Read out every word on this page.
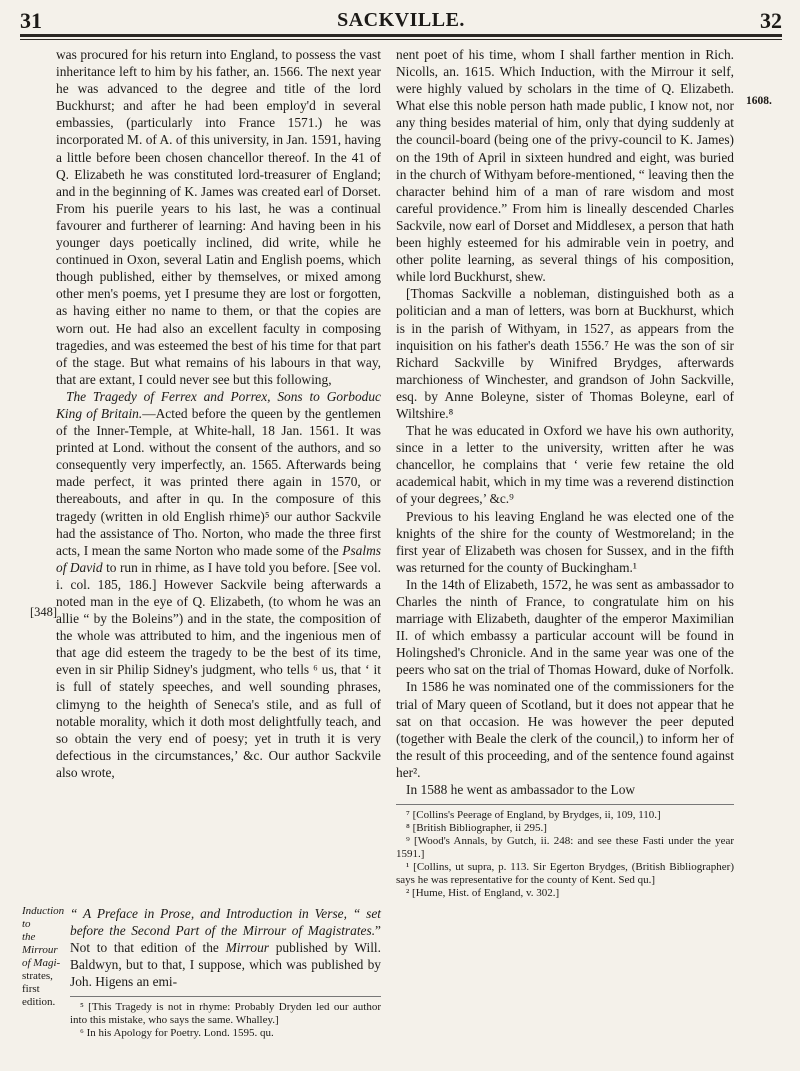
31	SACKVILLE.	32
[348]
1608.

was procured for his return into England, to possess the vast inheritance left to him by his father, an. 1566. The next year he was advanced to the degree and title of the lord Buckhurst; and after he had been employ'd in several embassies, (particularly into France 1571.) he was incorporated M. of A. of this university, in Jan. 1591, having a little before been chosen chancellor thereof. In the 41 of Q. Elizabeth he was constituted lord-treasurer of England; and in the beginning of K. James was created earl of Dorset. From his puerile years to his last, he was a continual favourer and furtherer of learning: And having been in his younger days poetically inclined, did write, while he continued in Oxon, several Latin and English poems, which though published, either by themselves, or mixed among other men's poems, yet I presume they are lost or forgotten, as having either no name to them, or that the copies are worn out. He had also an excellent faculty in composing tragedies, and was esteemed the best of his time for that part of the stage. But what remains of his labours in that way, that are extant, I could never see but this following,

The Tragedy of Ferrex and Porrex, Sons to Gorboduc King of Britain.—Acted before the queen by the gentlemen of the Inner-Temple, at White-hall, 18 Jan. 1561. It was printed at Lond. without the consent of the authors, and so consequently very imperfectly, an. 1565. Afterwards being made perfect, it was printed there again in 1570, or thereabouts, and after in qu. In the composure of this tragedy (written in old English rhime)⁵ our author Sackvile had the assistance of Tho. Norton, who made the three first acts, I mean the same Norton who made some of the Psalms of David to run in rhime, as I have told you before. [See vol. i. col. 185, 186.] However Sackvile being afterwards a noted man in the eye of Q. Elizabeth, (to whom he was an allie “ by the Boleins”) and in the state, the composition of the whole was attributed to him, and the ingenious men of that age did esteem the tragedy to be the best of its time, even in sir Philip Sidney's judgment, who tells ⁶ us, that ‘ it is full of stately speeches, and well sounding phrases, climyng to the heighth of Seneca's stile, and as full of notable morality, which it doth most delightfully teach, and so obtain the very end of poesy; yet in truth it is very defectious in the circumstances,’ &c. Our author Sackvile also wrote,

Induction to
the Mirrour
of Magi-
strates,
first
edition.

“ A Preface in Prose, and Introduction in Verse, “ set before the Second Part of the Mirrour of Magistrates.” Not to that edition of the Mirrour published by Will. Baldwyn, but to that, I suppose, which was published by Joh. Higens an emi-

⁵ [This Tragedy is not in rhyme: Probably Dryden led our author into this mistake, who says the same. Whalley.]

⁶ In his Apology for Poetry. Lond. 1595. qu.

nent poet of his time, whom I shall farther mention in Rich. Nicolls, an. 1615. Which Induction, with the Mirrour it self, were highly valued by scholars in the time of Q. Elizabeth. What else this noble person hath made public, I know not, nor any thing besides material of him, only that dying suddenly at the council-board (being one of the privy-council to K. James) on the 19th of April in sixteen hundred and eight, was buried in the church of Withyam before-mentioned, “ leaving then the character behind him of a man of rare wisdom and most careful providence.” From him is lineally descended Charles Sackvile, now earl of Dorset and Middlesex, a person that hath been highly esteemed for his admirable vein in poetry, and other polite learning, as several things of his composition, while lord Buckhurst, shew.

[Thomas Sackville a nobleman, distinguished both as a politician and a man of letters, was born at Buckhurst, which is in the parish of Withyam, in 1527, as appears from the inquisition on his father's death 1556.⁷ He was the son of sir Richard Sackville by Winifred Brydges, afterwards marchioness of Winchester, and grandson of John Sackville, esq. by Anne Boleyne, sister of Thomas Boleyne, earl of Wiltshire.⁸

That he was educated in Oxford we have his own authority, since in a letter to the university, written after he was chancellor, he complains that ‘ verie few retaine the old academical habit, which in my time was a reverend distinction of your degrees,’ &c.⁹

Previous to his leaving England he was elected one of the knights of the shire for the county of Westmoreland; in the first year of Elizabeth was chosen for Sussex, and in the fifth was returned for the county of Buckingham.¹

In the 14th of Elizabeth, 1572, he was sent as ambassador to Charles the ninth of France, to congratulate him on his marriage with Elizabeth, daughter of the emperor Maximilian II. of which embassy a particular account will be found in Holingshed's Chronicle. And in the same year was one of the peers who sat on the trial of Thomas Howard, duke of Norfolk.

In 1586 he was nominated one of the commissioners for the trial of Mary queen of Scotland, but it does not appear that he sat on that occasion. He was however the peer deputed (together with Beale the clerk of the council,) to inform her of the result of this proceeding, and of the sentence found against her².

In 1588 he went as ambassador to the Low

⁷ [Collins's Peerage of England, by Brydges, ii, 109, 110.]

⁸ [British Bibliographer, ii 295.]

⁹ [Wood's Annals, by Gutch, ii. 248: and see these Fasti under the year 1591.]

¹ [Collins, ut supra, p. 113. Sir Egerton Brydges, (British Bibliographer) says he was representative for the county of Kent. Sed qu.]

² [Hume, Hist. of England, v. 302.]
